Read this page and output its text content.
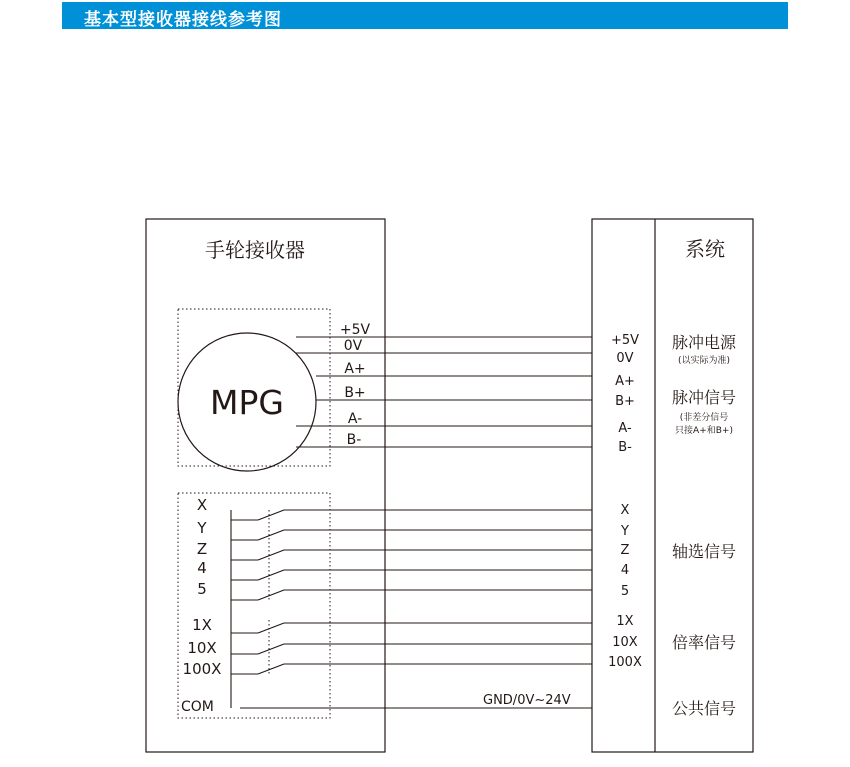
基本型接收器接线参考图
手轮接收器
MPG
系统
+5V
0V
A+
B+
A-
B-
+5V
0V
A+
B+
A-
B-
X
Y
Z
4
5
1X
10X
100X
X
Y
Z
4
5
1X
10X
100X
COM	GND/0V~24V
脉冲电源
(以实际为准)
脉冲信号
(非差分信号
只接A+和B+)
轴选信号
倍率信号
公共信号
